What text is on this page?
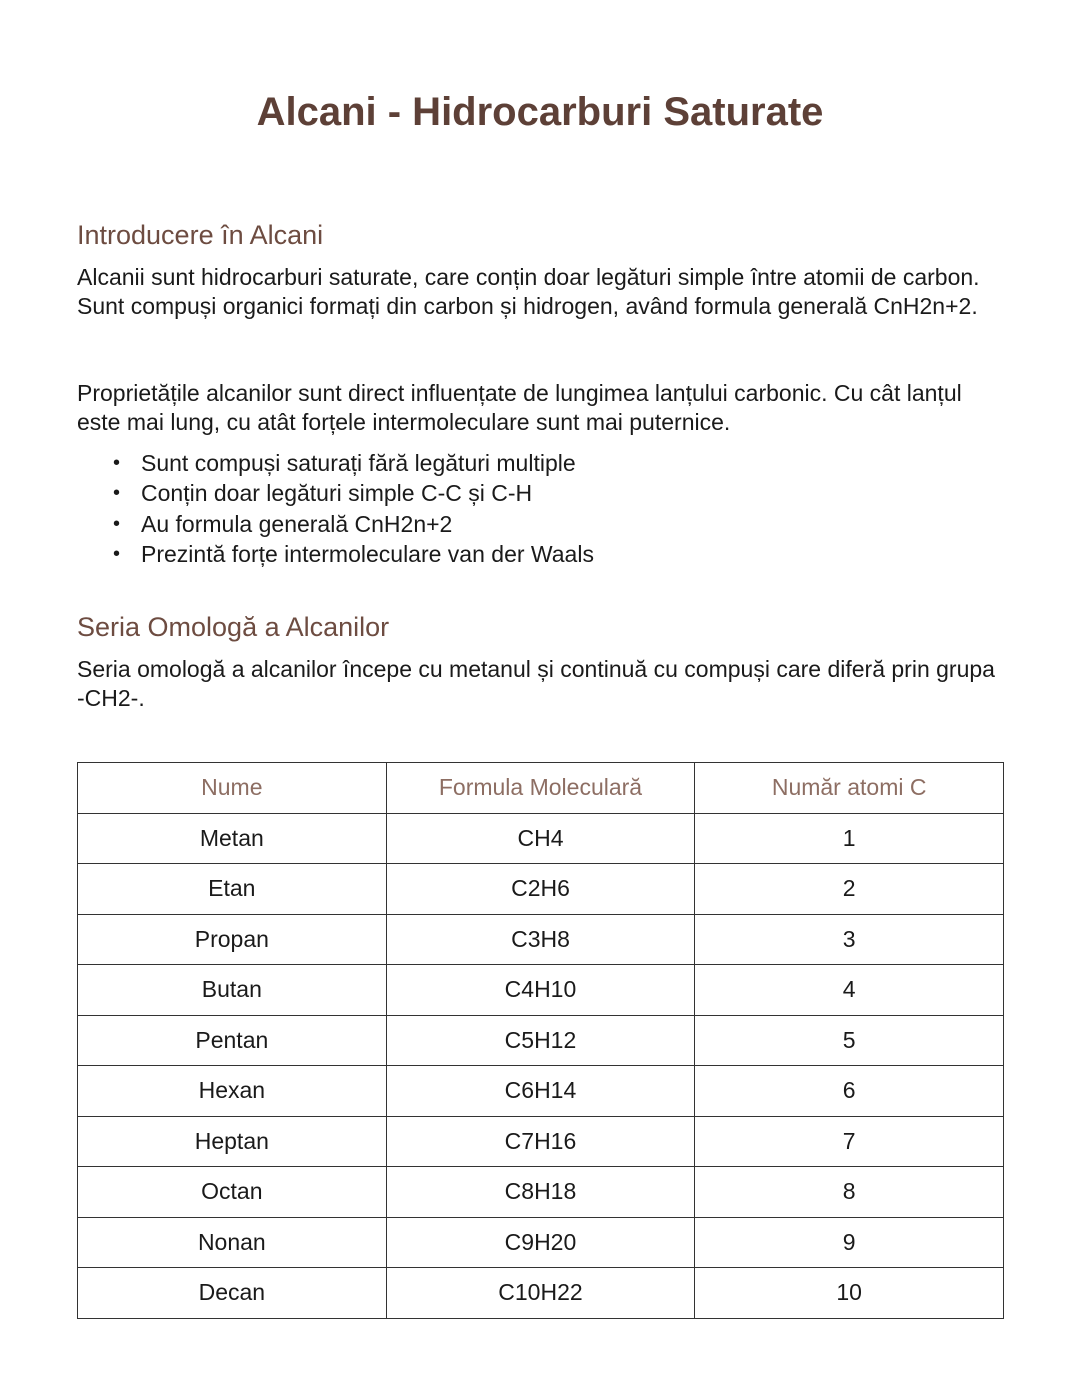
Alcani - Hidrocarburi Saturate
Introducere în Alcani

Alcanii sunt hidrocarburi saturate, care conțin doar legături simple între atomii de carbon. Sunt compuși organici formați din carbon și hidrogen, având formula generală CnH2n+2.

Proprietățile alcanilor sunt direct influențate de lungimea lanțului carbonic. Cu cât lanțul este mai lung, cu atât forțele intermoleculare sunt mai puternice.

• Sunt compuși saturați fără legături multiple
• Conțin doar legături simple C-C și C-H
• Au formula generală CnH2n+2
• Prezintă forțe intermoleculare van der Waals
Seria Omologă a Alcanilor

Seria omologă a alcanilor începe cu metanul și continuă cu compuși care diferă prin grupa -CH2-.

Nume	Formula Moleculară	Număr atomi C
Metan	CH4	1
Etan	C2H6	2
Propan	C3H8	3
Butan	C4H10	4
Pentan	C5H12	5
Hexan	C6H14	6
Heptan	C7H16	7
Octan	C8H18	8
Nonan	C9H20	9
Decan	C10H22	10
